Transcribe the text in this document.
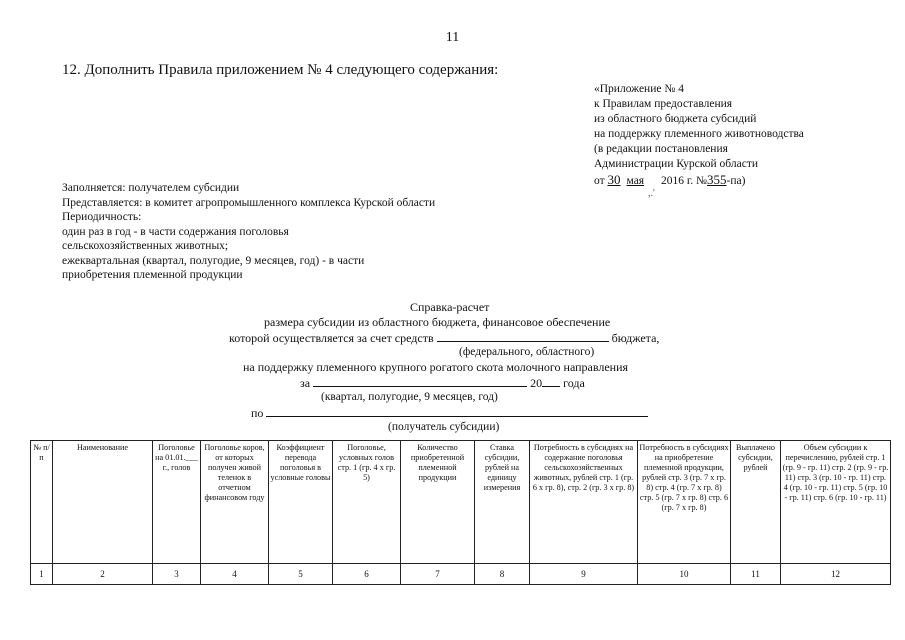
11
12. Дополнить Правила приложением № 4 следующего содержания:
«Приложение № 4
к Правилам предоставления
из областного бюджета субсидий
на поддержку племенного животноводства
(в редакции постановления
Администрации Курской области
от 30 мая 2016 г. №355-па)
,.'
Заполняется: получателем субсидии
Представляется: в комитет агропромышленного комплекса Курской области
Периодичность:
один раз в год - в части содержания поголовья
сельскохозяйственных животных;
ежеквартальная (квартал, полугодие, 9 месяцев, год) - в части
приобретения племенной продукции
Справка-расчет
размера субсидии из областного бюджета, финансовое обеспечение
которой осуществляется за счет средств	бюджета,
(федерального, областного)
на поддержку племенного крупного рогатого скота молочного направления
за	20 года
(квартал, полугодие, 9 месяцев, год)
по
(получатель субсидии)
№ п/п	Наименование	Поголовье на 01.01.___ г., голов	Поголовье коров, от которых получен живой теленок в отчетном финансовом году	Коэффициент перевода поголовья в условные головы	Поголовье, условных голов стр. 1 (гр. 4 х гр. 5)	Количество приобретенной племенной продукции	Ставка субсидии, рублей на единицу измерения	Потребность в субсидиях на содержание поголовья сельскохозяйственных животных, рублей стр. 1 (гр. 6 х гр. 8), стр. 2 (гр. 3 х гр. 8)	Потребность в субсидиях на приобретение племенной продукции, рублей стр. 3 (гр. 7 х гр. 8) стр. 4 (гр. 7 х гр. 8) стр. 5 (гр. 7 х гр. 8) стр. 6 (гр. 7 х гр. 8)	Выплачено субсидии, рублей	Объем субсидии к перечислению, рублей стр. 1 (гр. 9 - гр. 11) стр. 2 (гр. 9 - гр. 11) стр. 3 (гр. 10 - гр. 11) стр. 4 (гр. 10 - гр. 11) стр. 5 (гр. 10 - гр. 11) стр. 6 (гр. 10 - гр. 11)
1	2	3	4	5	6	7	8	9	10	11	12
